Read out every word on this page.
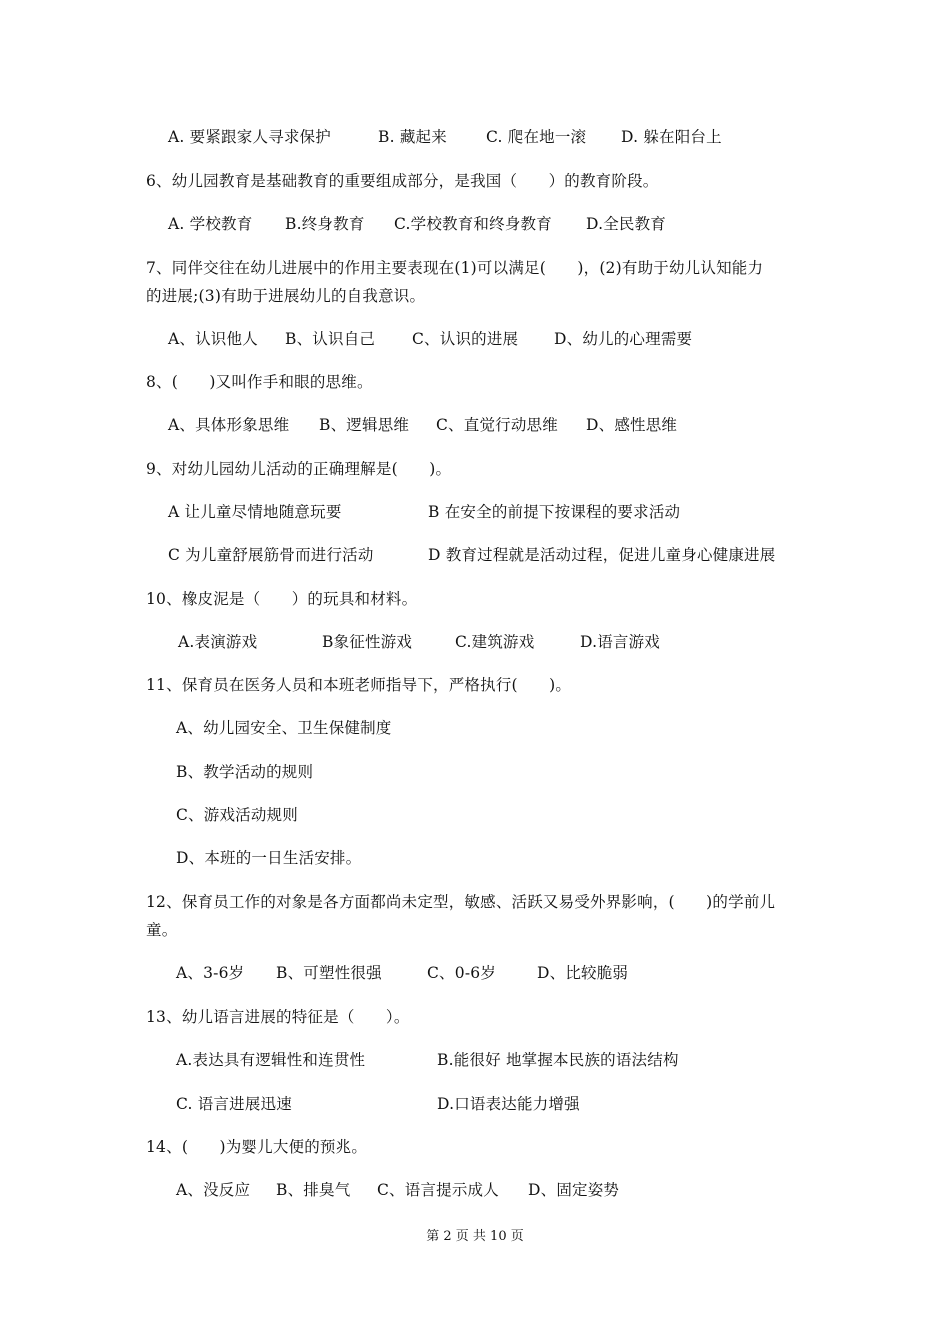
A. 要紧跟家人寻求保护	B. 藏起来	C. 爬在地一滚 D. 躲在阳台上
6、幼儿园教育是基础教育的重要组成部分，是我国（　　）的教育阶段。
A. 学校教育 B.终身教育 C.学校教育和终身教育 D.全民教育
7、同伴交往在幼儿进展中的作用主要表现在(1)可以满足(　　)，(2)有助于幼儿认知能力
的进展;(3)有助于进展幼儿的自我意识。
A、认识他人 B、认识自己 C、认识的进展 D、幼儿的心理需要
8、(　　)又叫作手和眼的思维。
A、具体形象思维 B、逻辑思维 C、直觉行动思维 D、感性思维
9、对幼儿园幼儿活动的正确理解是(　　)。
A 让儿童尽情地随意玩要	B 在安全的前提下按课程的要求活动
C 为儿童舒展筋骨而进行活动	D 教育过程就是活动过程，促进儿童身心健康进展
10、橡皮泥是（　　）的玩具和材料。
A.表演游戏	B象征性游戏	C.建筑游戏	D.语言游戏
11、保育员在医务人员和本班老师指导下，严格执行(　　)。
A、幼儿园安全、卫生保健制度
B、教学活动的规则
C、游戏活动规则
D、本班的一日生活安排。
12、保育员工作的对象是各方面都尚未定型，敏感、活跃又易受外界影响，(　　)的学前儿
童。
A、3-6岁 B、可塑性很强	C、0-6岁	D、比较脆弱
13、幼儿语言进展的特征是（　　）。
A.表达具有逻辑性和连贯性	B.能很好 地掌握本民族的语法结构
C. 语言进展迅速	D.口语表达能力增强
14、(　　)为婴儿大便的预兆。
A、没反应 B、排臭气 C、语言提示成人 D、固定姿势
第 2 页 共 10 页
